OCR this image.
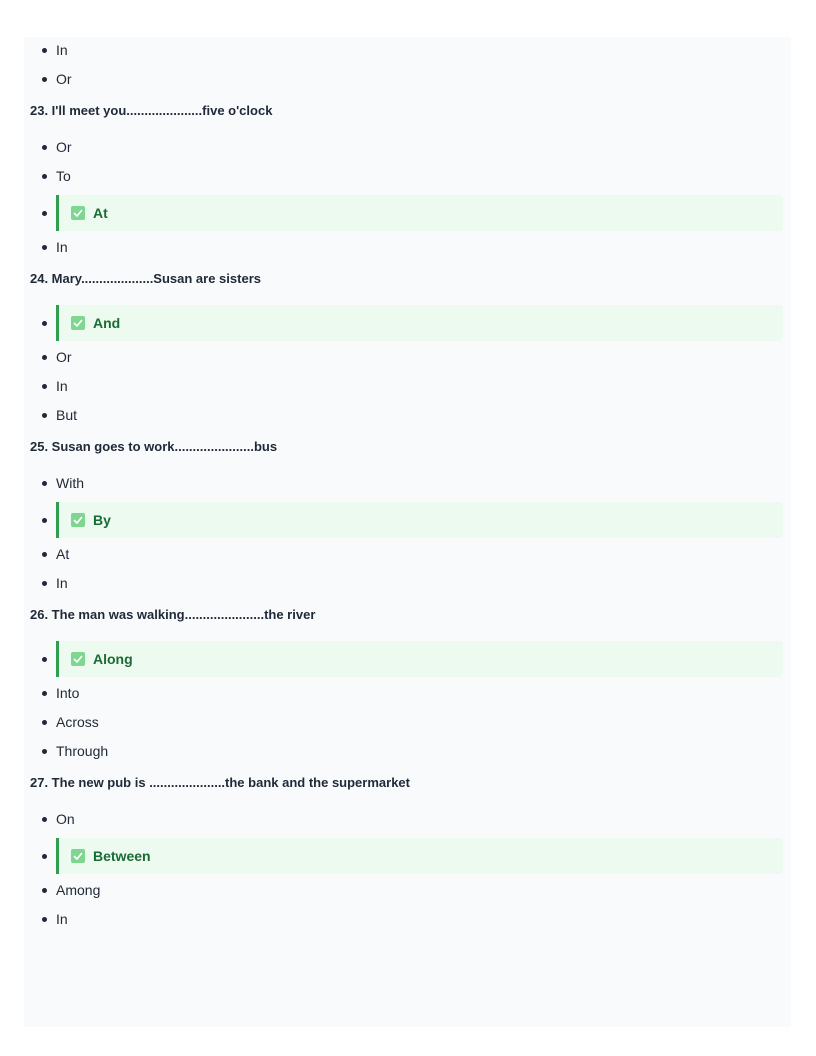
In
Or
23. I'll meet you.....................five o'clock
Or
To
At
In
24. Mary....................Susan are sisters
And
Or
In
But
25. Susan goes to work......................bus
With
By
At
In
26. The man was walking......................the river
Along
Into
Across
Through
27. The new pub is .....................the bank and the supermarket
On
Between
Among
In
